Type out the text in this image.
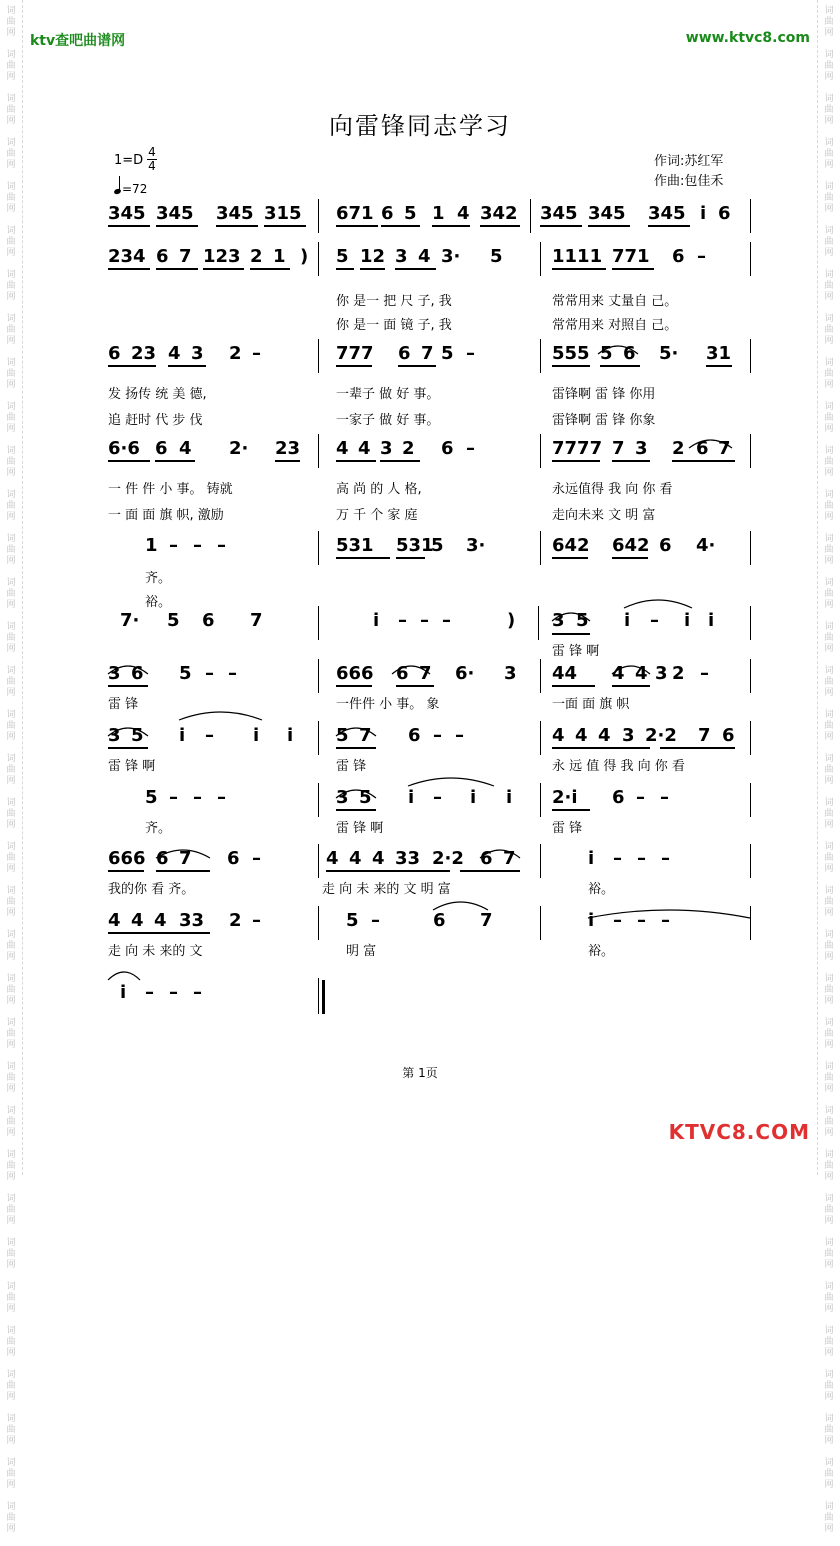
词
曲
网

词
曲
网

词
曲
网

词
曲
网

词
曲
网

词
曲
网

词
曲
网

词
曲
网

词
曲
网

词
曲
网

词
曲
网

词
曲
网

词
曲
网

词
曲
网

词
曲
网

词
曲
网

词
曲
网

词
曲
网

词
曲
网

词
曲
网

词
曲
网

词
曲
网

词
曲
网

词
曲
网

词
曲
网

词
曲
网

词
曲
网

词
曲
网

词
曲
网

词
曲
网

词
曲
网

词
曲
网

词
曲
网

词
曲
网

词
曲
网

词
曲
网

词
曲
网

词
曲
网

词
曲
网

词
曲
网

词
曲
网

词
曲
网

词
曲
网

词
曲
网

词
曲
网

词
曲
网

词
曲
网

词
曲
网

词
曲
网

词
曲
网

词
曲
网

词
曲
网

词
曲
网

词
曲
网

词
曲
网

词
曲
网

词
曲
网

词
曲
网

词
曲
网

词
曲
网

词
曲
网

词
曲
网

词
曲
网

词
曲
网

词
曲
网

词
曲
网

词
曲
网

词
曲
网

词
曲
网

词
曲
网

ktv查吧曲谱网	www.ktvc8.com
向雷锋同志学习
1=D
4
4
=72
作词:苏红军
作曲:包佳禾
345 345 345 315 671 6 5 1 4 342 345 345 345 i 6
234 6 7 123 2 1 ) 5 12 3 4 3· 5	1111 771 6 –
你 是一 把 尺 子, 我	常常用来 丈量自 己。
你 是一 面 镜 子, 我	常常用来 对照自 己。
6 23 4 3 2 –	777 6 7 5 –	555 5 6 5· 31
发 扬传 统 美 德,	一辈子 做 好 事。	雷锋啊 雷 锋 你用
追 赶时 代 步 伐	一家子 做 好 事。	雷锋啊 雷 锋 你象
6·6 6 4 2· 23 4 4 3 2 6 –	7777 7 3 2 6 7
一 件 件 小 事。 铸就	高 尚 的 人 格,	永远值得 我 向 你 看
一 面 面 旗 帜, 激励	万 千 个 家 庭	走向未来 文 明 富
1 – – –	531 531
5 3·	642 642 6 4·
齐。
裕。
7· 5 6 7	i – – –	) 3 5 i – i i
雷 锋 啊
3 6 5 – –	666 6 7 6· 3 44 4 4 3 2 –
雷 锋	一件件 小 事。 象	一面 面 旗 帜
3 5 i – i i 5 7 6 – –	4 4 4 3 2·2 7 6
雷 锋 啊	雷 锋	永 远 值 得 我 向 你 看
5 – – –	3 5 i – i i 2·i 6 – –
齐。	雷 锋 啊	雷 锋
666 6 7 6 –	4 4 4 33 2·2 6 7	i – – –
我的你 看 齐。	走 向 未 来的 文 明 富	裕。
4 4 4 33 2 –	5 –	6 7	i – – –
走 向 未 来的 文	明 富	裕。
i – – –
第 1页
KTVC8.COM
